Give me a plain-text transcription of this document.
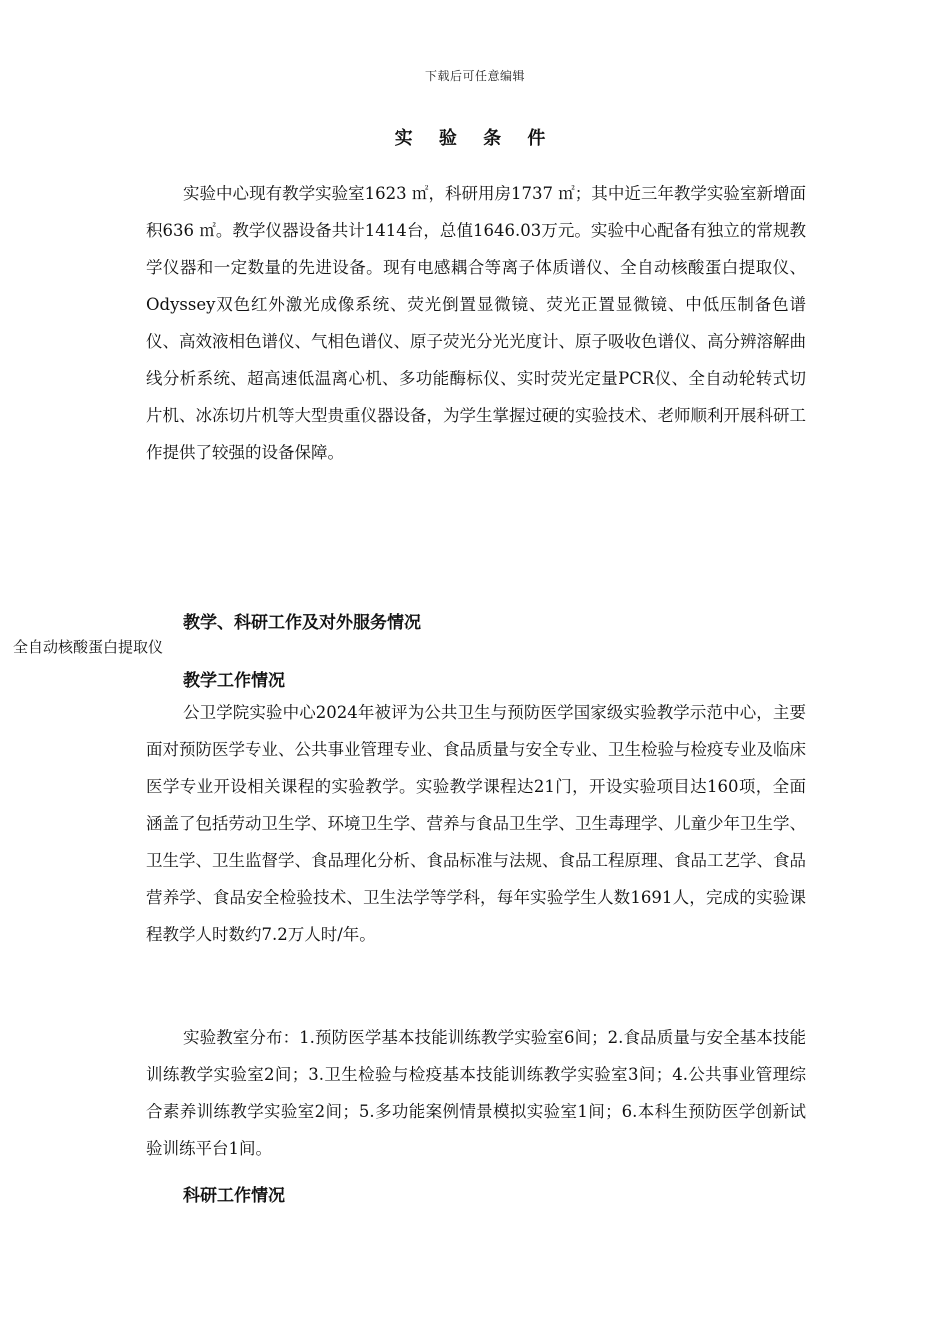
下载后可任意编辑
实 验 条 件

实验中心现有教学实验室1623 ㎡，科研用房1737 ㎡；其中近三年教学实验室新增面积636 ㎡。教学仪器设备共计1414台，总值1646.03万元。实验中心配备有独立的常规教学仪器和一定数量的先进设备。现有电感耦合等离子体质谱仪、全自动核酸蛋白提取仪、Odyssey双色红外激光成像系统、荧光倒置显微镜、荧光正置显微镜、中低压制备色谱仪、高效液相色谱仪、气相色谱仪、原子荧光分光光度计、原子吸收色谱仪、高分辨溶解曲线分析系统、超高速低温离心机、多功能酶标仪、实时荧光定量PCR仪、全自动轮转式切片机、冰冻切片机等大型贵重仪器设备，为学生掌握过硬的实验技术、老师顺利开展科研工作提供了较强的设备保障。

教学、科研工作及对外服务情况
全自动核酸蛋白提取仪
教学工作情况

公卫学院实验中心2024年被评为公共卫生与预防医学国家级实验教学示范中心，主要面对预防医学专业、公共事业管理专业、食品质量与安全专业、卫生检验与检疫专业及临床医学专业开设相关课程的实验教学。实验教学课程达21门，开设实验项目达160项，全面涵盖了包括劳动卫生学、环境卫生学、营养与食品卫生学、卫生毒理学、儿童少年卫生学、卫生学、卫生监督学、食品理化分析、食品标准与法规、食品工程原理、食品工艺学、食品营养学、食品安全检验技术、卫生法学等学科，每年实验学生人数1691人，完成的实验课程教学人时数约7.2万人时/年。

实验教室分布：1.预防医学基本技能训练教学实验室6间；2.食品质量与安全基本技能训练教学实验室2间；3.卫生检验与检疫基本技能训练教学实验室3间；4.公共事业管理综合素养训练教学实验室2间；5.多功能案例情景模拟实验室1间；6.本科生预防医学创新试验训练平台1间。

科研工作情况
